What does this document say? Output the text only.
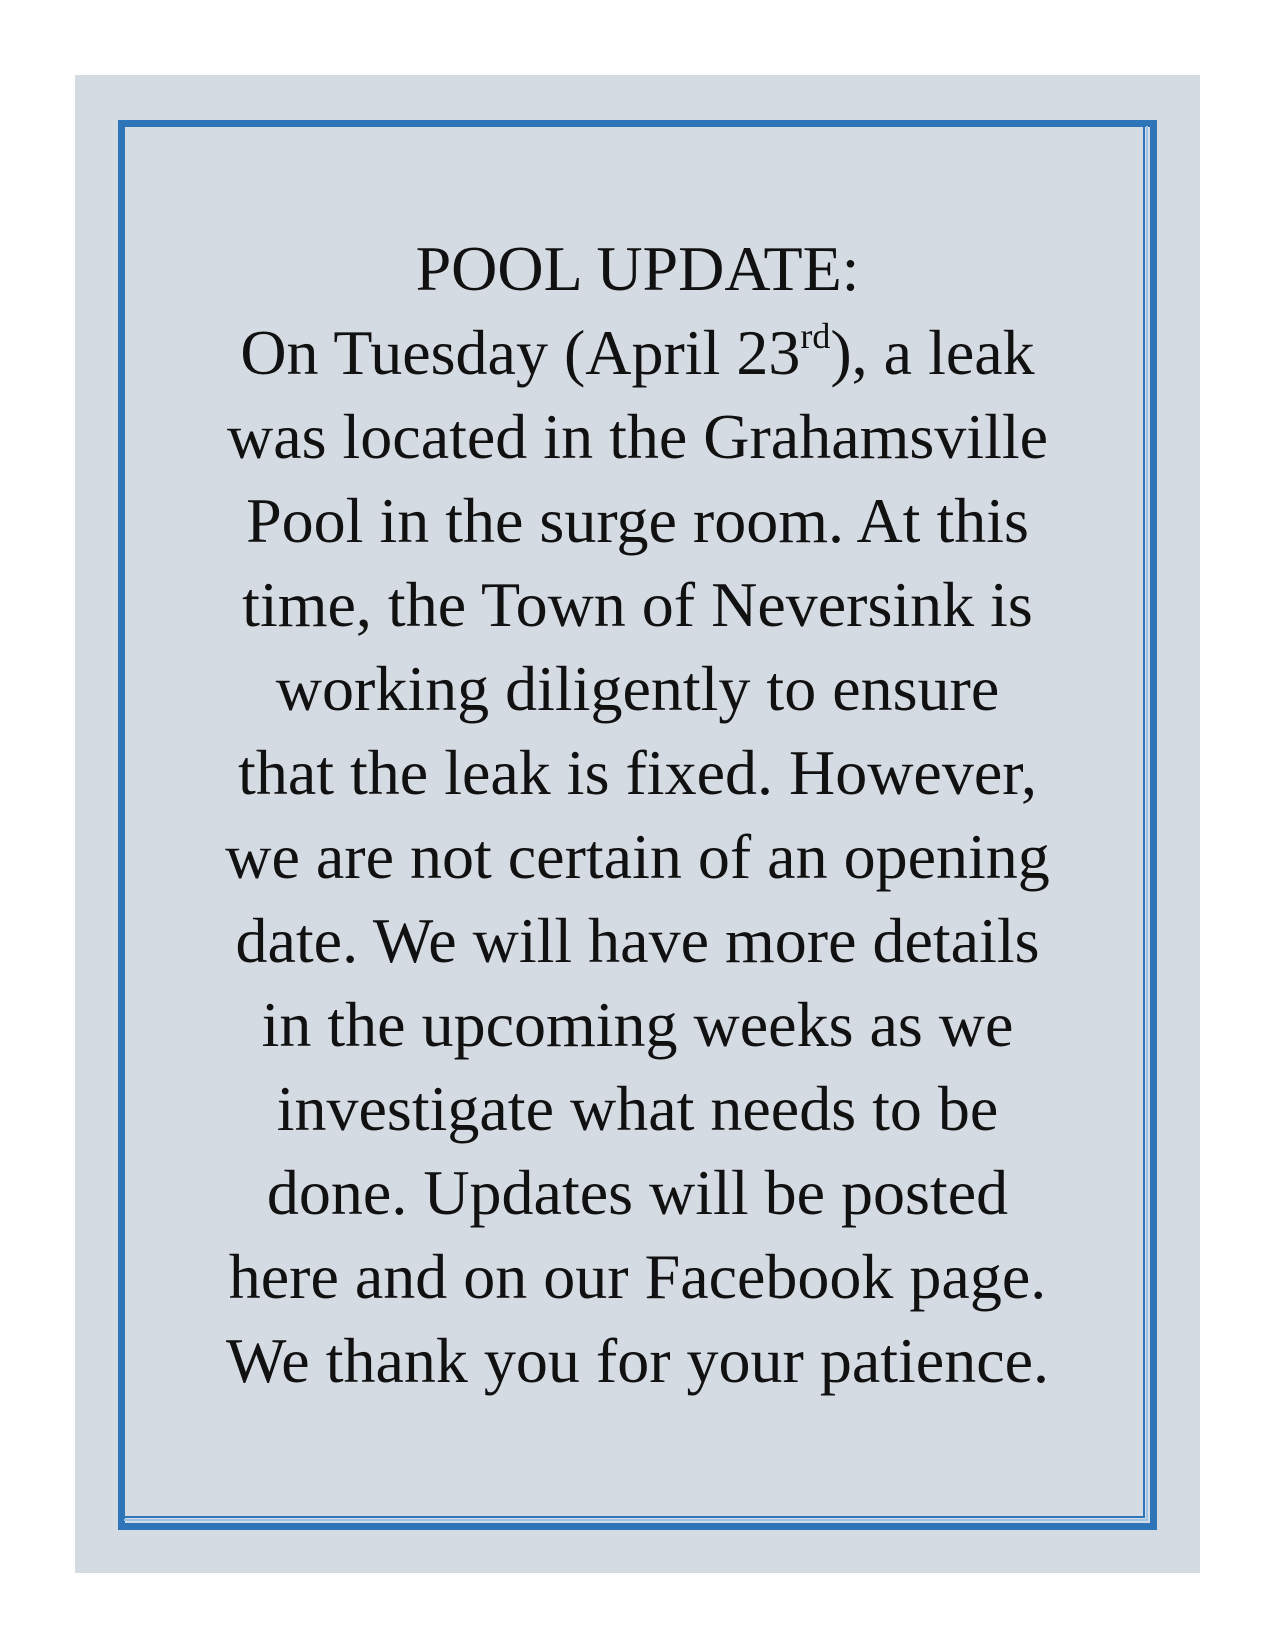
POOL UPDATE:
On Tuesday (April 23rd), a leak
was located in the Grahamsville
Pool in the surge room. At this
time, the Town of Neversink is
working diligently to ensure
that the leak is fixed. However,
we are not certain of an opening
date. We will have more details
in the upcoming weeks as we
investigate what needs to be
done. Updates will be posted
here and on our Facebook page.
We thank you for your patience.
